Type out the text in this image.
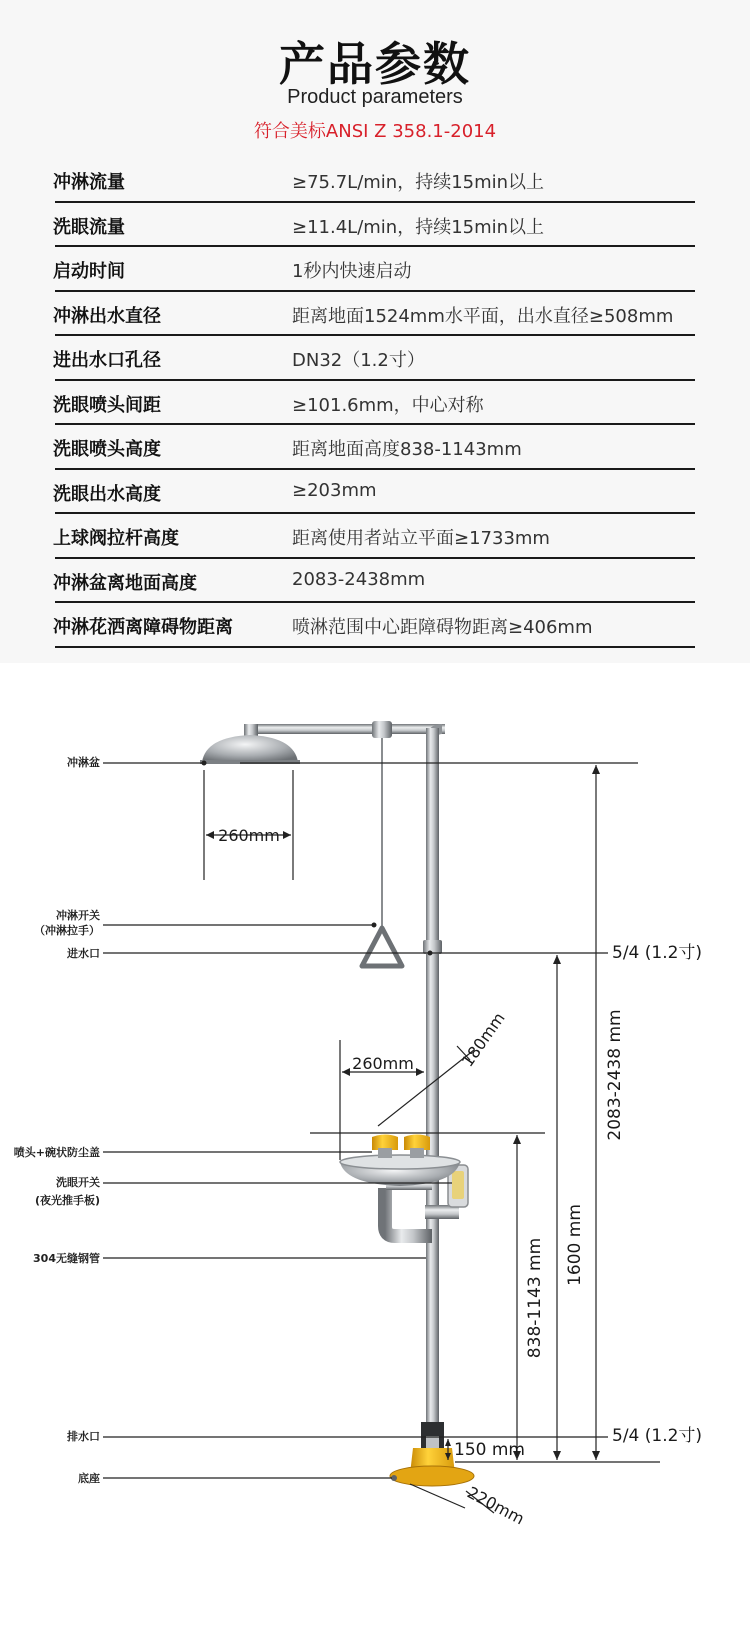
产品参数
Product parameters
符合美标ANSI Z 358.1-2014
冲淋流量	≥75.7L/min，持续15min以上
洗眼流量	≥11.4L/min，持续15min以上
启动时间	1秒内快速启动
冲淋出水直径	距离地面1524mm水平面，出水直径≥508mm
进出水口孔径	DN32（1.2寸）
洗眼喷头间距	≥101.6mm，中心对称
洗眼喷头高度	距离地面高度838-1143mm
洗眼出水高度	≥203mm
上球阀拉杆高度	距离使用者站立平面≥1733mm
冲淋盆离地面高度	2083-2438mm
冲淋花洒离障碍物距离	喷淋范围中心距障碍物距离≥406mm
冲淋盆
冲淋开关
（冲淋拉手）
进水口
喷头+碗状防尘盖
洗眼开关
(夜光推手板)
304无缝钢管
排水口
底座
260mm
260mm	180mm
5/4 (1.2寸)
5/4 (1.2寸)
2083-2438 mm
1600 mm
838-1143 mm
150 mm
220mm
